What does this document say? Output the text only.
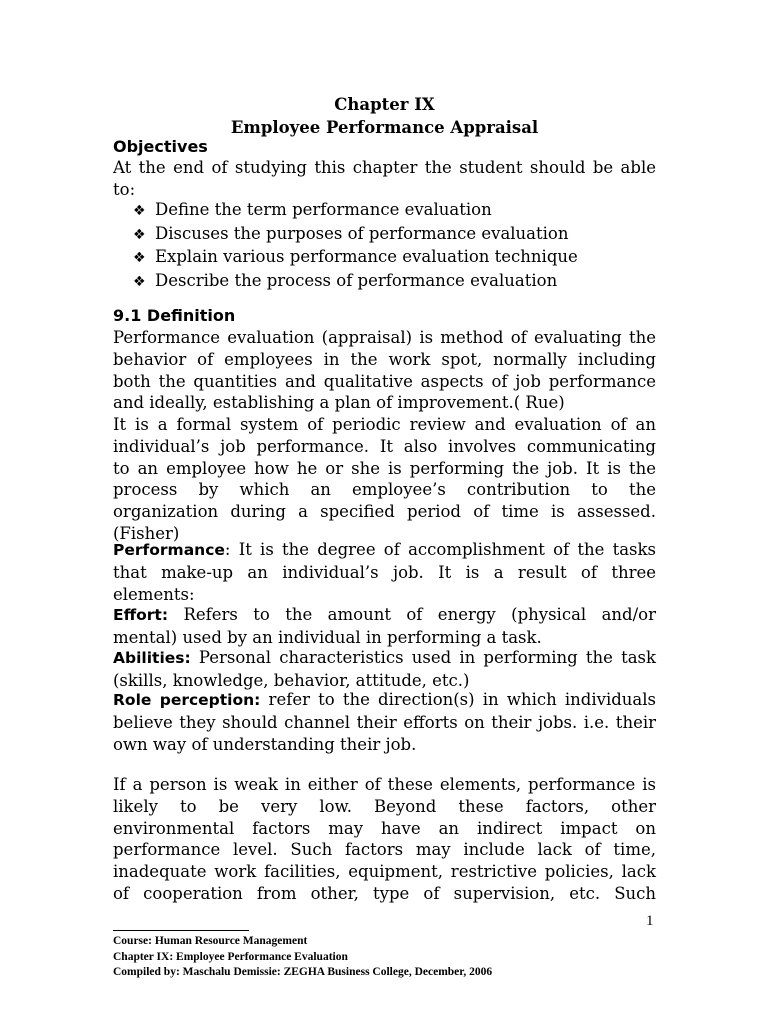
Chapter IX
Employee Performance Appraisal
Objectives
At the end of studying this chapter the student should be able
to:
❖ Define the term performance evaluation
❖ Discuses the purposes of performance evaluation
❖ Explain various performance evaluation technique
❖ Describe the process of performance evaluation
9.1 Definition
Performance evaluation (appraisal) is method of evaluating the
behavior of employees in the work spot, normally including
both the quantities and qualitative aspects of job performance
and ideally, establishing a plan of improvement.( Rue)
It is a formal system of periodic review and evaluation of an
individual’s job performance. It also involves communicating
to an employee how he or she is performing the job. It is the
process by which an employee’s contribution to the
organization during a specified period of time is assessed.
(Fisher)
Performance: It is the degree of accomplishment of the tasks
that make-up an individual’s job. It is a result of three
elements:
Effort: Refers to the amount of energy (physical and/or
mental) used by an individual in performing a task.
Abilities: Personal characteristics used in performing the task
(skills, knowledge, behavior, attitude, etc.)
Role perception: refer to the direction(s) in which individuals
believe they should channel their efforts on their jobs. i.e. their
own way of understanding their job.
If a person is weak in either of these elements, performance is
likely to be very low. Beyond these factors, other
environmental factors may have an indirect impact on
performance level. Such factors may include lack of time,
inadequate work facilities, equipment, restrictive policies, lack
of cooperation from other, type of supervision, etc. Such
1
Course: Human Resource Management
Chapter IX: Employee Performance Evaluation
Compiled by: Maschalu Demissie: ZEGHA Business College, December, 2006
